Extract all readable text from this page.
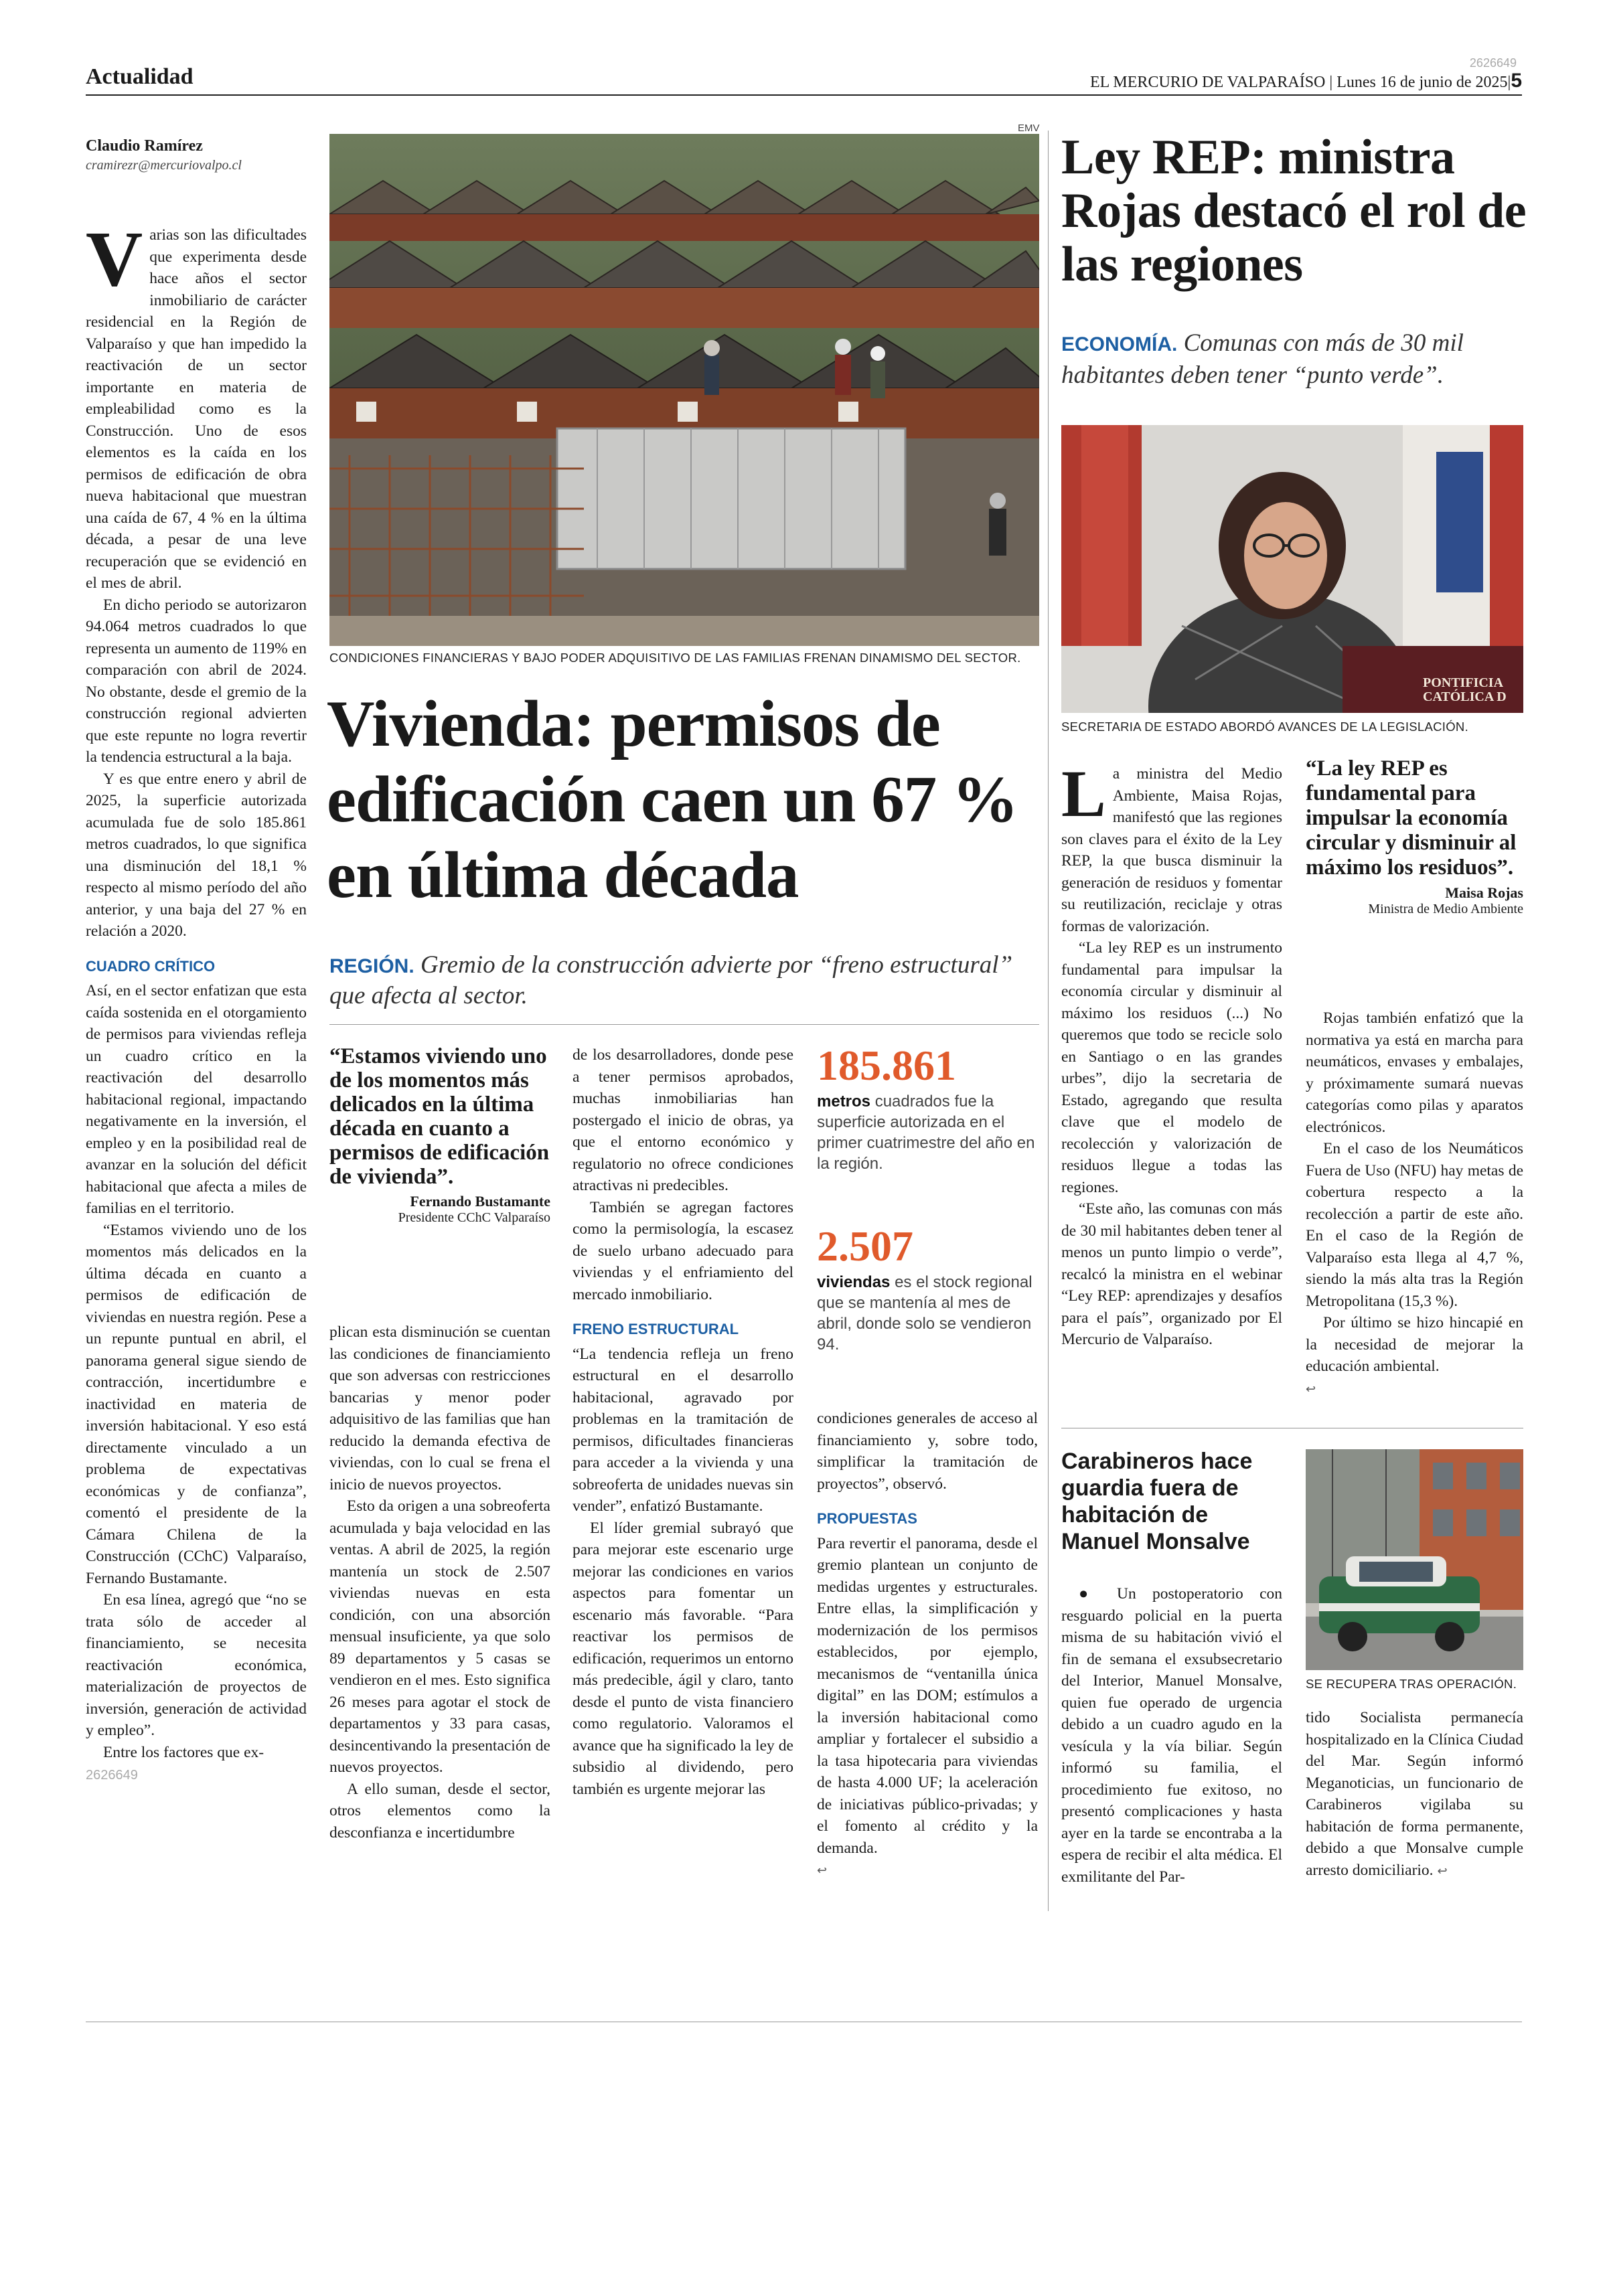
Actualidad
2626649
EL MERCURIO DE VALPARAÍSO | Lunes 16 de junio de 2025|5
Claudio Ramírez
cramirezr@mercuriovalpo.cl
V arias son las dificultades que experimenta desde hace años el sector inmobiliario de carácter residencial en la Región de Valparaíso y que han impedido la reactivación de un sector importante en materia de empleabilidad como es la Construcción. Uno de esos elementos es la caída en los permisos de edificación de obra nueva habitacional que muestran una caída de 67, 4 % en la última década, a pesar de una leve recuperación que se evidenció en el mes de abril.

En dicho periodo se autorizaron 94.064 metros cuadrados lo que representa un aumento de 119% en comparación con abril de 2024. No obstante, desde el gremio de la construcción regional advierten que este repunte no logra revertir la tendencia estructural a la baja.

Y es que entre enero y abril de 2025, la superficie autorizada acumulada fue de solo 185.861 metros cuadrados, lo que significa una disminución del 18,1 % respecto al mismo período del año anterior, y una baja del 27 % en relación a 2020.

CUADRO CRÍTICO

Así, en el sector enfatizan que esta caída sostenida en el otorgamiento de permisos para viviendas refleja un cuadro crítico en la reactivación del desarrollo habitacional regional, impactando negativamente en la inversión, el empleo y en la posibilidad real de avanzar en la solución del déficit habitacional que afecta a miles de familias en el territorio.

“Estamos viviendo uno de los momentos más delicados en la última década en cuanto a permisos de edificación de viviendas en nuestra región. Pese a un repunte puntual en abril, el panorama general sigue siendo de contracción, incertidumbre e inactividad en materia de inversión habitacional. Y eso está directamente vinculado a un problema de expectativas económicas y de confianza”, comentó el presidente de la Cámara Chilena de la Construcción (CChC) Valparaíso, Fernando Bustamante.

En esa línea, agregó que “no se trata sólo de acceder al financiamiento, se necesita reactivación económica, materialización de proyectos de inversión, generación de actividad y empleo”.

Entre los factores que ex-

2626649
EMV
CONDICIONES FINANCIERAS Y BAJO PODER ADQUISITIVO DE LAS FAMILIAS FRENAN DINAMISMO DEL SECTOR.
Vivienda: permisos de edificación caen un 67 % en última década
REGIÓN. Gremio de la construcción advierte por “freno estructural” que afecta al sector.
“Estamos viviendo uno de los momentos más delicados en la última década en cuanto a permisos de edificación de vivienda”.
Fernando Bustamante
Presidente CChC Valparaíso

plican esta disminución se cuentan las condiciones de financiamiento que son adversas con restricciones bancarias y menor poder adquisitivo de las familias que han reducido la demanda efectiva de viviendas, con lo cual se frena el inicio de nuevos proyectos.

Esto da origen a una sobreoferta acumulada y baja velocidad en las ventas. A abril de 2025, la región mantenía un stock de 2.507 viviendas nuevas en esta condición, con una absorción mensual insuficiente, ya que solo 89 departamentos y 5 casas se vendieron en el mes. Esto significa 26 meses para agotar el stock de departamentos y 33 para casas, desincentivando la presentación de nuevos proyectos.

A ello suman, desde el sector, otros elementos como la desconfianza e incertidumbre

de los desarrolladores, donde pese a tener permisos aprobados, muchas inmobiliarias han postergado el inicio de obras, ya que el entorno económico y regulatorio no ofrece condiciones atractivas ni predecibles.

También se agregan factores como la permisología, la escasez de suelo urbano adecuado para viviendas y el enfriamiento del mercado inmobiliario.

FRENO ESTRUCTURAL

“La tendencia refleja un freno estructural en el desarrollo habitacional, agravado por problemas en la tramitación de permisos, dificultades financieras para acceder a la vivienda y una sobreoferta de unidades nuevas sin vender”, enfatizó Bustamante.

El líder gremial subrayó que para mejorar este escenario urge mejorar las condiciones en varios aspectos para fomentar un escenario más favorable. “Para reactivar los permisos de edificación, requerimos un entorno más predecible, ágil y claro, tanto desde el punto de vista financiero como regulatorio. Valoramos el avance que ha significado la ley de subsidio al dividendo, pero también es urgente mejorar las

185.861
metros cuadrados fue la superficie autorizada en el primer cuatrimestre del año en la región.
2.507
viviendas es el stock regional que se mantenía al mes de abril, donde solo se vendieron 94.

condiciones generales de acceso al financiamiento y, sobre todo, simplificar la tramitación de proyectos”, observó.

PROPUESTAS

Para revertir el panorama, desde el gremio plantean un conjunto de medidas urgentes y estructurales. Entre ellas, la simplificación y modernización de los permisos establecidos, por ejemplo, mecanismos de “ventanilla única digital” en las DOM; estímulos a la inversión habitacional como ampliar y fortalecer el subsidio a la tasa hipotecaria para viviendas de hasta 4.000 UF; la aceleración de iniciativas público-privadas; y el fomento al crédito y la demanda.

↩
Ley REP: ministra Rojas destacó el rol de las regiones
ECONOMÍA. Comunas con más de 30 mil habitantes deben tener “punto verde”.
PONTIFICIA CATÓLICA D
SECRETARIA DE ESTADO ABORDÓ AVANCES DE LA LEGISLACIÓN.
L a ministra del Medio Ambiente, Maisa Rojas, manifestó que las regiones son claves para el éxito de la Ley REP, la que busca disminuir la generación de residuos y fomentar su reutilización, reciclaje y otras formas de valorización.

“La ley REP es un instrumento fundamental para impulsar la economía circular y disminuir al máximo los residuos (...) No queremos que todo se recicle solo en Santiago o en las grandes urbes”, dijo la secretaria de Estado, agregando que resulta clave que el modelo de recolección y valorización de residuos llegue a todas las regiones.

“Este año, las comunas con más de 30 mil habitantes deben tener al menos un punto limpio o verde”, recalcó la ministra en el webinar “Ley REP: aprendizajes y desafíos para el país”, organizado por El Mercurio de Valparaíso.

“La ley REP es fundamental para impulsar la economía circular y disminuir al máximo los residuos”.
Maisa Rojas
Ministra de Medio Ambiente

Rojas también enfatizó que la normativa ya está en marcha para neumáticos, envases y embalajes, y próximamente sumará nuevas categorías como pilas y aparatos electrónicos.

En el caso de los Neumáticos Fuera de Uso (NFU) hay metas de cobertura respecto a la recolección a partir de este año. En el caso de la Región de Valparaíso esta llega al 4,7 %, siendo la más alta tras la Región Metropolitana (15,3 %).

Por último se hizo hincapié en la necesidad de mejorar la educación ambiental.

↩
Carabineros hace guardia fuera de habitación de Manuel Monsalve
SE RECUPERA TRAS OPERACIÓN.

● Un postoperatorio con resguardo policial en la puerta misma de su habitación vivió el fin de semana el exsubsecretario del Interior, Manuel Monsalve, quien fue operado de urgencia debido a un cuadro agudo en la vesícula y la vía biliar. Según informó su familia, el procedimiento fue exitoso, no presentó complicaciones y hasta ayer en la tarde se encontraba a la espera de recibir el alta médica. El exmilitante del Par-

tido Socialista permanecía hospitalizado en la Clínica Ciudad del Mar. Según informó Meganoticias, un funcionario de Carabineros vigilaba su habitación de forma permanente, debido a que Monsalve cumple arresto domiciliario. ↩
